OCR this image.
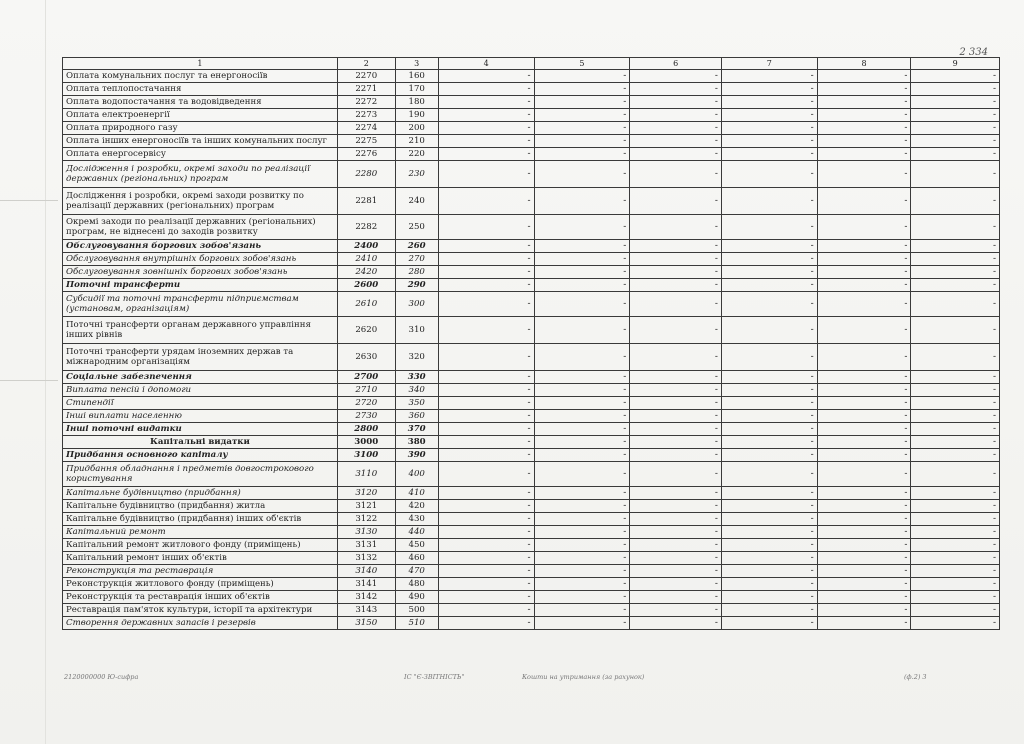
2 334
1	2	3	4	5	6	7	8	9
Оплата комунальних послуг та енергоносіїв	2270	160	-	-	-	-	-	-
Оплата теплопостачання	2271	170	-	-	-	-	-	-
Оплата водопостачання та водовідведення	2272	180	-	-	-	-	-	-
Оплата електроенергії	2273	190	-	-	-	-	-	-
Оплата природного газу	2274	200	-	-	-	-	-	-
Оплата інших енергоносіїв та інших комунальних послуг	2275	210	-	-	-	-	-	-
Оплата енергосервісу	2276	220	-	-	-	-	-	-
Дослідження і розробки, окремі заходи по реалізації державних (регіональних) програм	2280	230	-	-	-	-	-	-
Дослідження і розробки, окремі заходи розвитку по реалізації державних (регіональних) програм	2281	240	-	-	-	-	-	-
Окремі заходи по реалізації державних (регіональних) програм, не віднесені до заходів розвитку	2282	250	-	-	-	-	-	-
Обслуговування боргових зобов'язань	2400	260	-	-	-	-	-	-
Обслуговування внутрішніх боргових зобов'язань	2410	270	-	-	-	-	-	-
Обслуговування зовнішніх боргових зобов'язань	2420	280	-	-	-	-	-	-
Поточні трансферти	2600	290	-	-	-	-	-	-
Субсидії та поточні трансферти підприємствам (установам, організаціям)	2610	300	-	-	-	-	-	-
Поточні трансферти органам державного управління інших рівнів	2620	310	-	-	-	-	-	-
Поточні трансферти урядам іноземних держав та міжнародним організаціям	2630	320	-	-	-	-	-	-
Соціальне забезпечення	2700	330	-	-	-	-	-	-
Виплата пенсій і допомоги	2710	340	-	-	-	-	-	-
Стипендії	2720	350	-	-	-	-	-	-
Інші виплати населенню	2730	360	-	-	-	-	-	-
Інші поточні видатки	2800	370	-	-	-	-	-	-
Капітальні видатки	3000	380	-	-	-	-	-	-
Придбання основного капіталу	3100	390	-	-	-	-	-	-
Придбання обладнання і предметів довгострокового користування	3110	400	-	-	-	-	-	-
Капітальне будівництво (придбання)	3120	410	-	-	-	-	-	-
Капітальне будівництво (придбання) житла	3121	420	-	-	-	-	-	-
Капітальне будівництво (придбання) інших об'єктів	3122	430	-	-	-	-	-	-
Капітальний ремонт	3130	440	-	-	-	-	-	-
Капітальний ремонт житлового фонду (приміщень)	3131	450	-	-	-	-	-	-
Капітальний ремонт інших об'єктів	3132	460	-	-	-	-	-	-
Реконструкція та реставрація	3140	470	-	-	-	-	-	-
Реконструкція житлового фонду (приміщень)	3141	480	-	-	-	-	-	-
Реконструкція та реставрація інших об'єктів	3142	490	-	-	-	-	-	-
Реставрація пам'яток культури, історії та архітектури	3143	500	-	-	-	-	-	-
Створення державних запасів і резервів	3150	510	-	-	-	-	-	-
2120000000 Ю-сифра	ІС "Є-ЗВІТНІСТЬ"	Кошти на утримання (за рахунок)	(ф.2) 3
